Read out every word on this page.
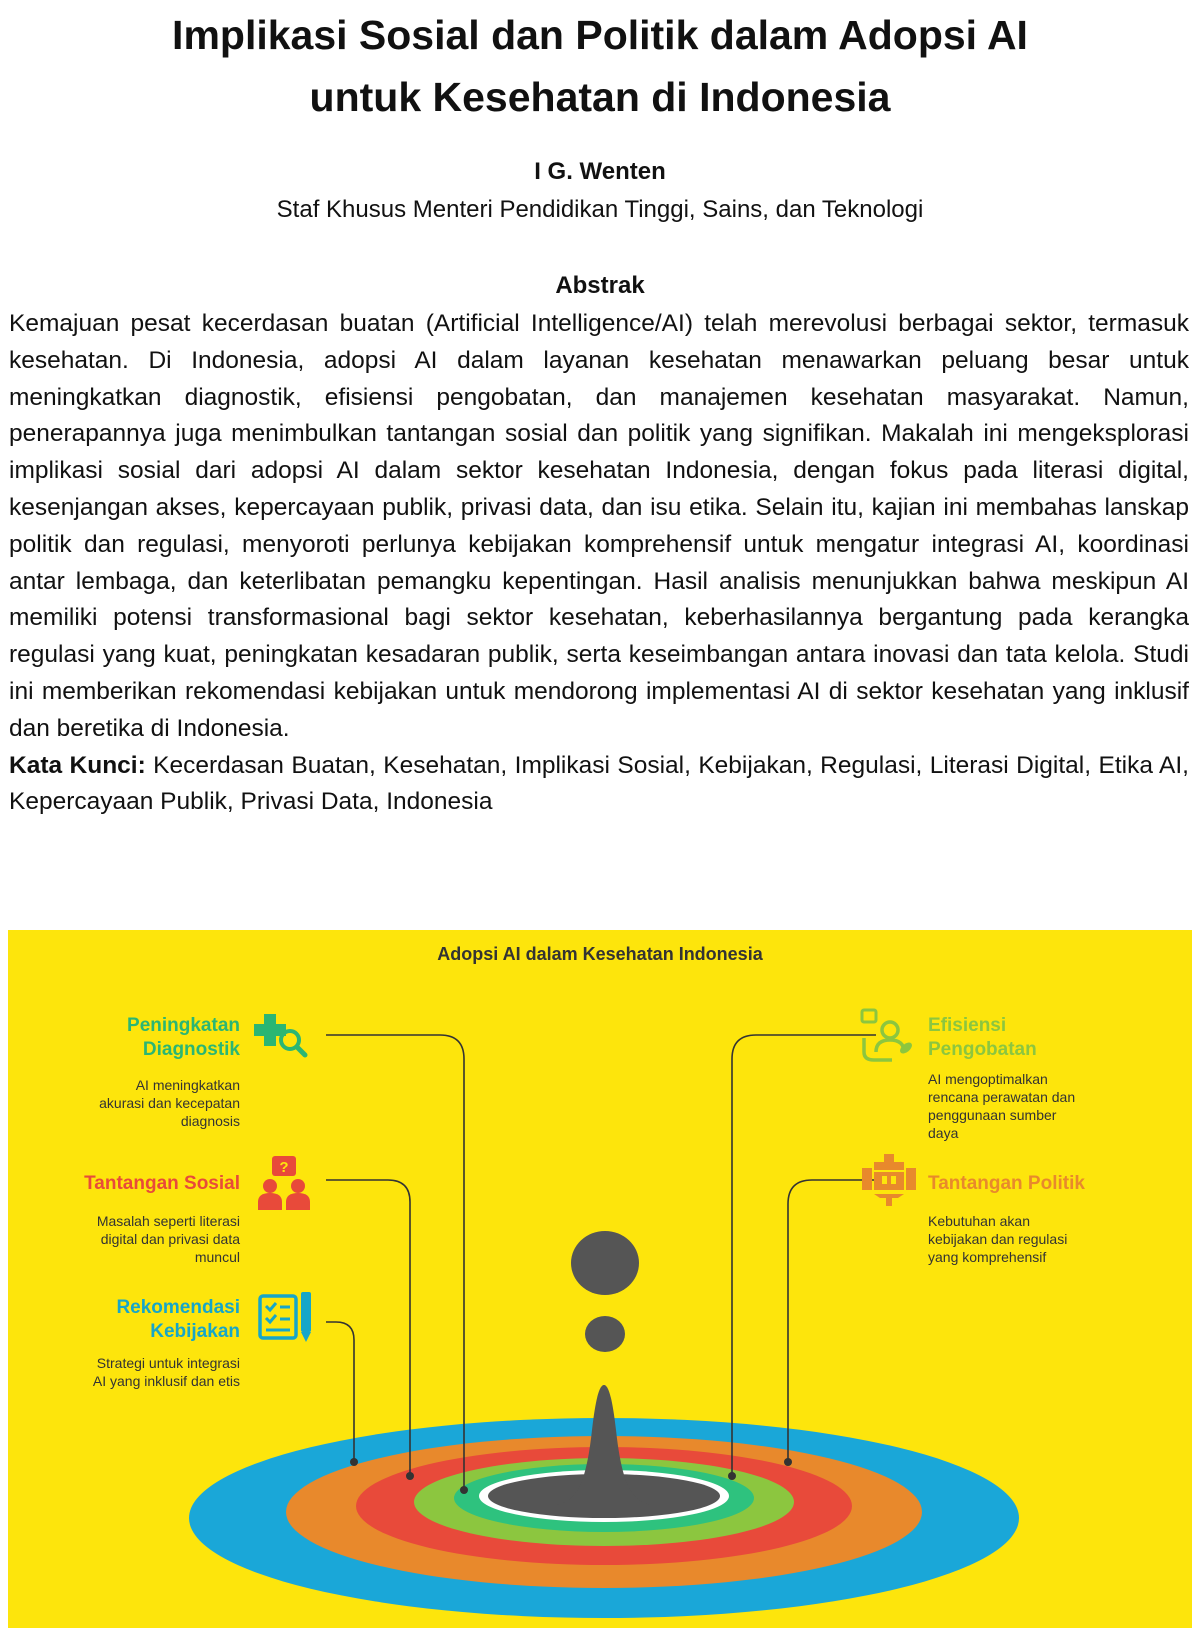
Implikasi Sosial dan Politik dalam Adopsi AI
untuk Kesehatan di Indonesia
I G. Wenten
Staf Khusus Menteri Pendidikan Tinggi, Sains, dan Teknologi
Abstrak

Kemajuan pesat kecerdasan buatan (Artificial Intelligence/AI) telah merevolusi berbagai sektor, termasuk kesehatan. Di Indonesia, adopsi AI dalam layanan kesehatan menawarkan peluang besar untuk meningkatkan diagnostik, efisiensi pengobatan, dan manajemen kesehatan masyarakat. Namun, penerapannya juga menimbulkan tantangan sosial dan politik yang signifikan. Makalah ini mengeksplorasi implikasi sosial dari adopsi AI dalam sektor kesehatan Indonesia, dengan fokus pada literasi digital, kesenjangan akses, kepercayaan publik, privasi data, dan isu etika. Selain itu, kajian ini membahas lanskap politik dan regulasi, menyoroti perlunya kebijakan komprehensif untuk mengatur integrasi AI, koordinasi antar lembaga, dan keterlibatan pemangku kepentingan. Hasil analisis menunjukkan bahwa meskipun AI memiliki potensi transformasional bagi sektor kesehatan, keberhasilannya bergantung pada kerangka regulasi yang kuat, peningkatan kesadaran publik, serta keseimbangan antara inovasi dan tata kelola. Studi ini memberikan rekomendasi kebijakan untuk mendorong implementasi AI di sektor kesehatan yang inklusif dan beretika di Indonesia.

Kata Kunci: Kecerdasan Buatan, Kesehatan, Implikasi Sosial, Kebijakan, Regulasi, Literasi Digital, Etika AI, Kepercayaan Publik, Privasi Data, Indonesia

Adopsi AI dalam Kesehatan Indonesia
Peningkatan
Diagnostik
AI meningkatkan
akurasi dan kecepatan
diagnosis
Tantangan Sosial
Masalah seperti literasi
digital dan privasi data
muncul
?
Rekomendasi
Kebijakan
Strategi untuk integrasi
AI yang inklusif dan etis
Efisiensi
Pengobatan
AI mengoptimalkan
rencana perawatan dan
penggunaan sumber
daya
Tantangan Politik
Kebutuhan akan
kebijakan dan regulasi
yang komprehensif
